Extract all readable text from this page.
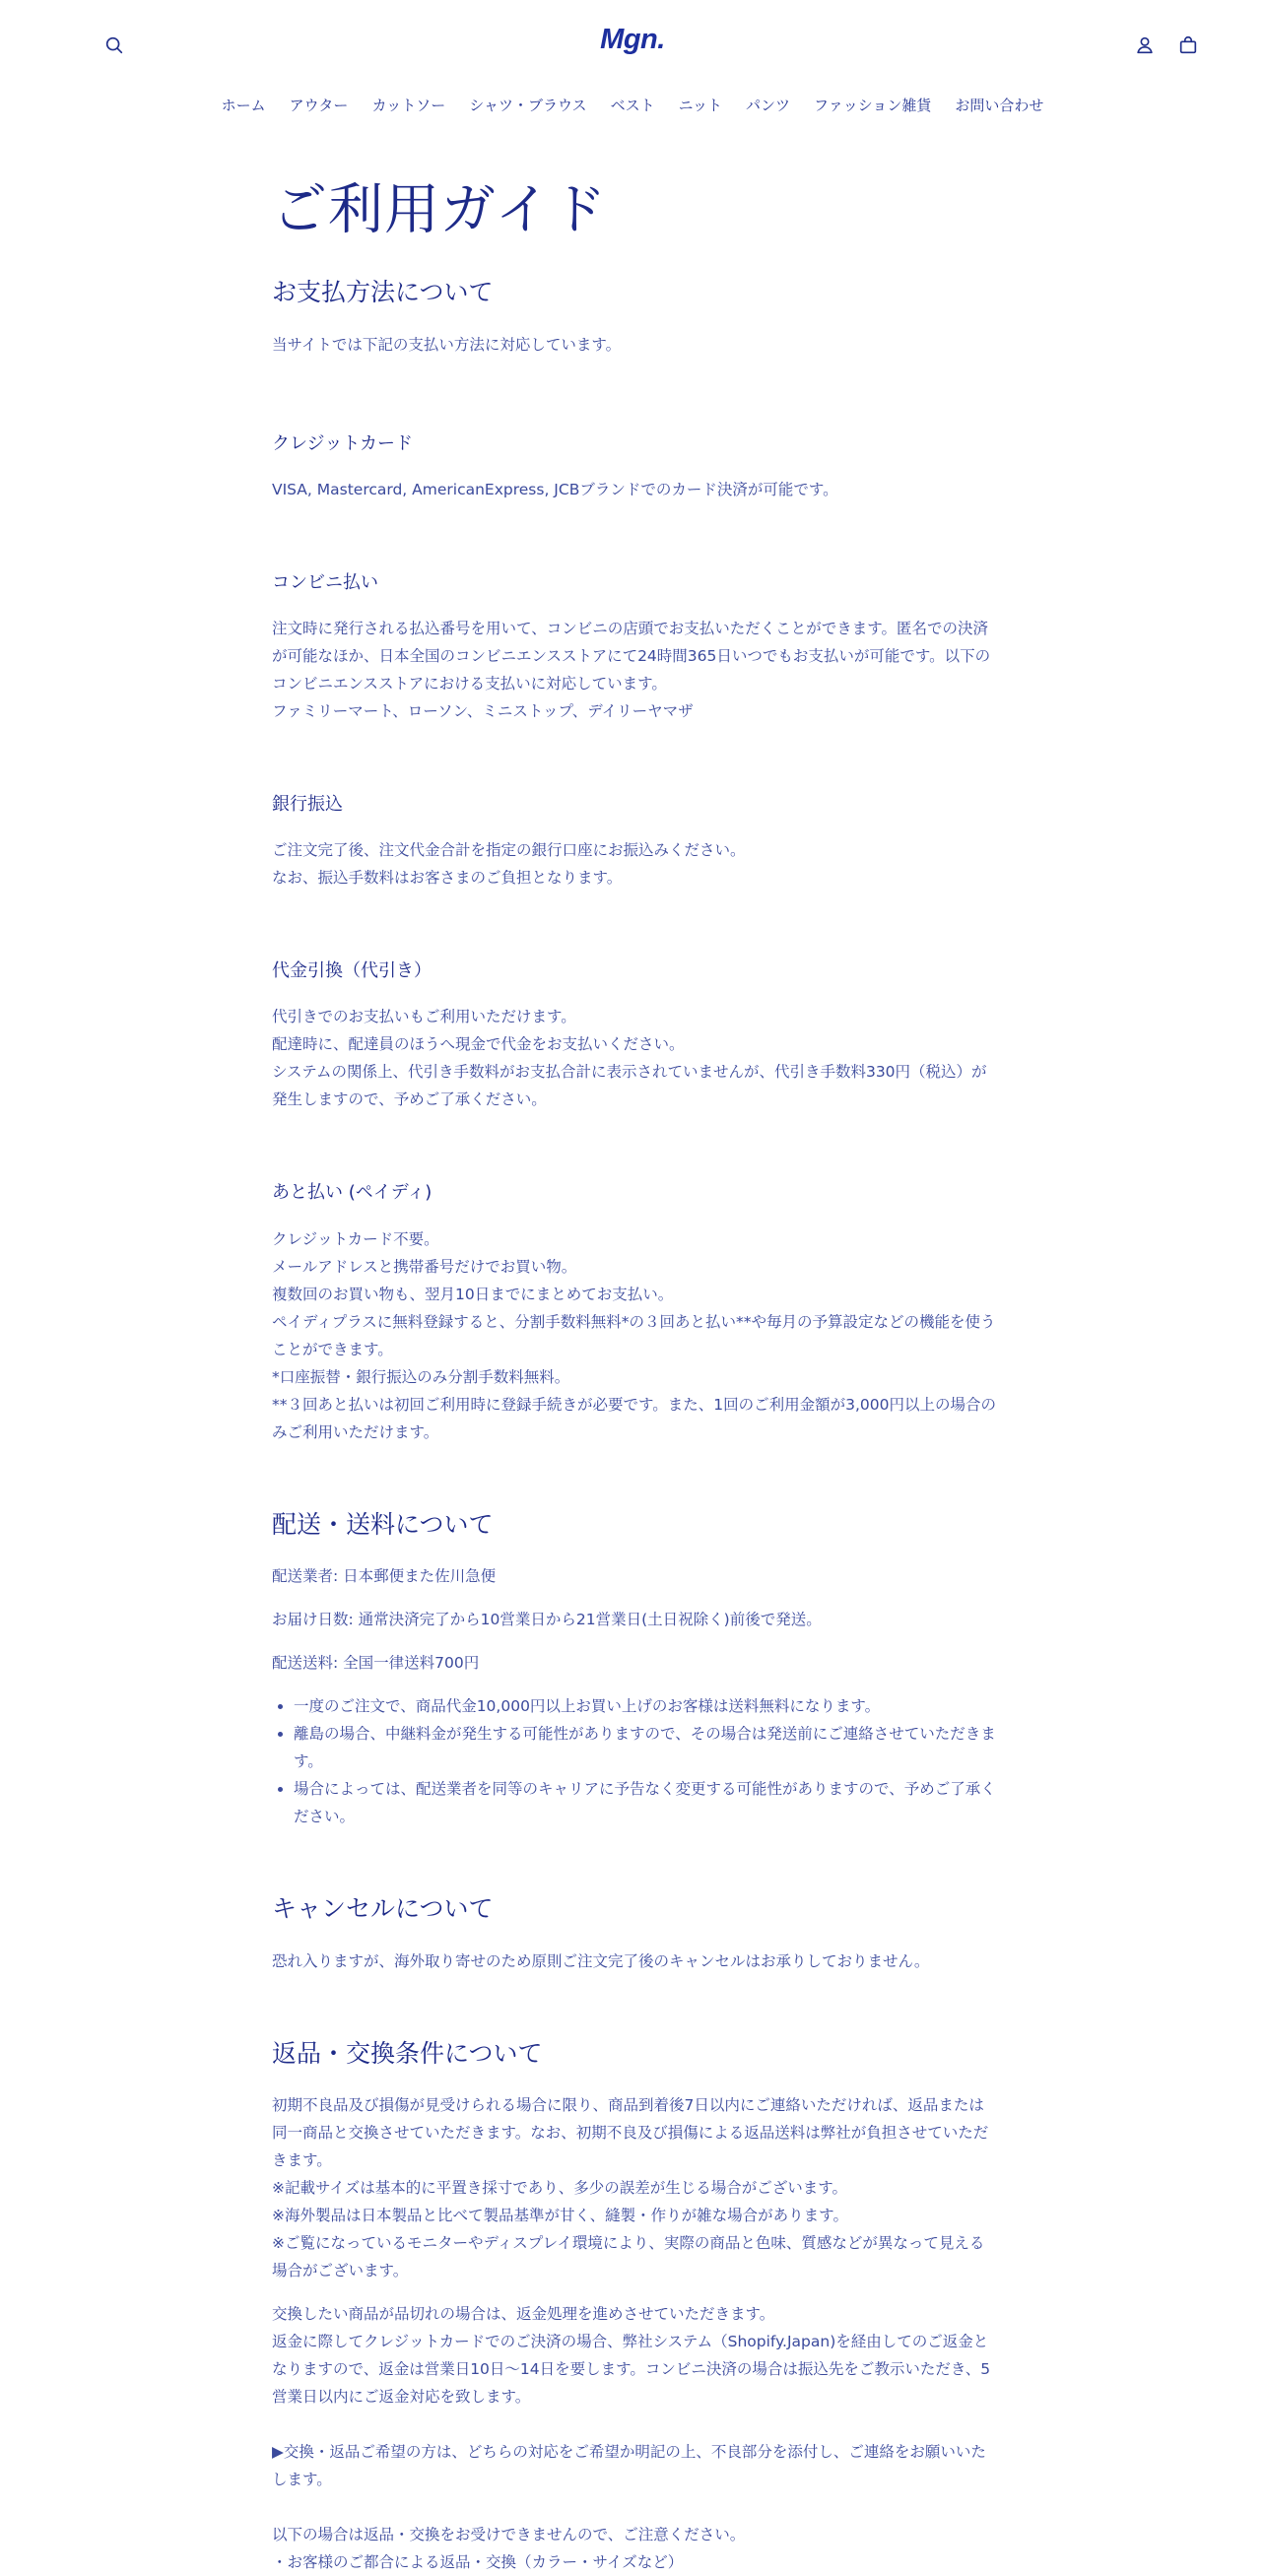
Mgn.
ホーム	アウター	カットソー	シャツ・ブラウス	ベスト	ニット	パンツ	ファッション雑貨	お問い合わせ
ご利用ガイド
お支払方法について

当サイトでは下記の支払い方法に対応しています。

クレジットカード

VISA, Mastercard, AmericanExpress, JCBブランドでのカード決済が可能です。

コンビニ払い

注文時に発行される払込番号を用いて、コンビニの店頭でお支払いただくことができます。匿名での決済が可能なほか、日本全国のコンビニエンスストアにて24時間365日いつでもお支払いが可能です。以下のコンビニエンスストアにおける支払いに対応しています。

ファミリーマート、ローソン、ミニストップ、デイリーヤマザ

銀行振込

ご注文完了後、注文代金合計を指定の銀行口座にお振込みください。

なお、振込手数料はお客さまのご負担となります。

代金引換（代引き）

代引きでのお支払いもご利用いただけます。

配達時に、配達員のほうへ現金で代金をお支払いください。

システムの関係上、代引き手数料がお支払合計に表示されていませんが、代引き手数料330円（税込）が発生しますので、予めご了承ください。

あと払い (ペイディ)

クレジットカード不要。

メールアドレスと携帯番号だけでお買い物。

複数回のお買い物も、翌月10日までにまとめてお支払い。

ペイディプラスに無料登録すると、分割手数料無料*の３回あと払い**や毎月の予算設定などの機能を使うことができます。

*口座振替・銀行振込のみ分割手数料無料。

**３回あと払いは初回ご利用時に登録手続きが必要です。また、1回のご利用金額が3,000円以上の場合のみご利用いただけます。

配送・送料について

配送業者: 日本郵便また佐川急便

お届け日数: 通常決済完了から10営業日から21営業日(土日祝除く)前後で発送。

配送送料: 全国一律送料700円

• 一度のご注文で、商品代金10,000円以上お買い上げのお客様は送料無料になります。
• 離島の場合、中継料金が発生する可能性がありますので、その場合は発送前にご連絡させていただきます。
• 場合によっては、配送業者を同等のキャリアに予告なく変更する可能性がありますので、予めご了承ください。
キャンセルについて

恐れ入りますが、海外取り寄せのため原則ご注文完了後のキャンセルはお承りしておりません。

返品・交換条件について

初期不良品及び損傷が見受けられる場合に限り、商品到着後7日以内にご連絡いただければ、返品または同一商品と交換させていただきます。なお、初期不良及び損傷による返品送料は弊社が負担させていただきます。

※記載サイズは基本的に平置き採寸であり、多少の誤差が生じる場合がございます。

※海外製品は日本製品と比べて製品基準が甘く、縫製・作りが雑な場合があります。

※ご覧になっているモニターやディスプレイ環境により、実際の商品と色味、質感などが異なって見える場合がございます。

交換したい商品が品切れの場合は、返金処理を進めさせていただきます。

返金に際してクレジットカードでのご決済の場合、弊社システム（Shopify.Japan)を経由してのご返金となりますので、返金は営業日10日〜14日を要します。コンビニ決済の場合は振込先をご教示いただき、5営業日以内にご返金対応を致します。

▶︎交換・返品ご希望の方は、どちらの対応をご希望か明記の上、不良部分を添付し、ご連絡をお願いいたします。

以下の場合は返品・交換をお受けできませんので、ご注意ください。

・お客様のご都合による返品・交換（カラー・サイズなど）
